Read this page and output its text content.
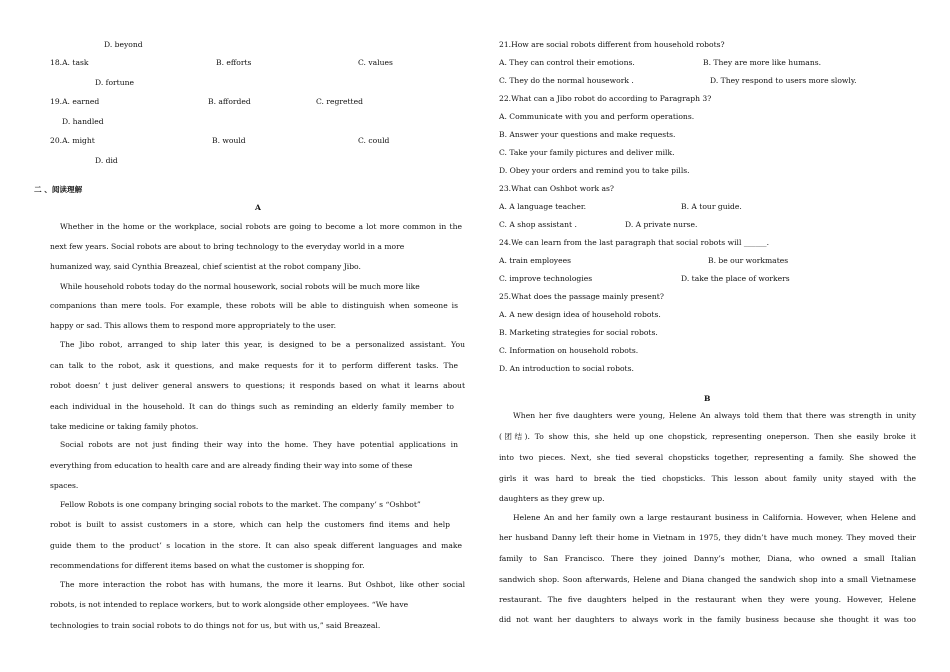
D. beyond
18.A. task	B. efforts	C. values
D. fortune
19.A. earned	B. afforded	C. regretted
D. handled
20.A. might	B. would	C. could
D. did
二 、阅读理解
A
Whether in the home or the workplace, social robots are going to become a lot more common in the
next few years. Social robots are about to bring technology to the everyday world in a more
humanized way, said Cynthia Breazeal, chief scientist at the robot company Jibo.
While household robots today do the normal housework, social robots will be much more like
companions than mere tools. For example, these robots will be able to distinguish when someone is
happy or sad. This allows them to respond more appropriately to the user.
The Jibo robot, arranged to ship later this year, is designed to be a personalized assistant. You
can talk to the robot, ask it questions, and make requests for it to perform different tasks. The
robot doesn’ t just deliver general answers to questions; it responds based on what it learns about
each individual in the household. It can do things such as reminding an elderly family member to
take medicine or taking family photos.
Social robots are not just finding their way into the home. They have potential applications in
everything from education to health care and are already finding their way into some of these
spaces.
Fellow Robots is one company bringing social robots to the market. The company’ s “Oshbot”
robot is built to assist customers in a store, which can help the customers find items and help
guide them to the product’ s location in the store. It can also speak different languages and make
recommendations for different items based on what the customer is shopping for.
The more interaction the robot has with humans, the more it learns. But Oshbot, like other social
robots, is not intended to replace workers, but to work alongside other employees. “We have
technologies to train social robots to do things not for us, but with us,” said Breazeal.
21.How are social robots different from household robots?
A. They can control their emotions.	B. They are more like humans.
C. They do the normal housework .	D. They respond to users more slowly.
22.What can a Jibo robot do according to Paragraph 3?
A. Communicate with you and perform operations.
B. Answer your questions and make requests.
C. Take your family pictures and deliver milk.
D. Obey your orders and remind you to take pills.
23.What can Oshbot work as?
A. A language teacher.	B. A tour guide.
C. A shop assistant .	D. A private nurse.
24.We can learn from the last paragraph that social robots will ______.
A. train employees	B. be our workmates
C. improve technologies	D. take the place of workers
25.What does the passage mainly present?
A. A new design idea of household robots.
B. Marketing strategies for social robots.
C. Information on household robots.
D. An introduction to social robots.
B
When her five daughters were young, Helene An always told them that there was strength in unity
(团结). To show this, she held up one chopstick, representing oneperson. Then she easily broke it
into two pieces. Next, she tied several chopsticks together, representing a family. She showed the
girls it was hard to break the tied chopsticks. This lesson about family unity stayed with the
daughters as they grew up.
Helene An and her family own a large restaurant business in California. However, when Helene and
her husband Danny left their home in Vietnam in 1975, they didn’t have much money. They moved their
family to San Francisco. There they joined Danny’s mother, Diana, who owned a small Italian
sandwich shop. Soon afterwards, Helene and Diana changed the sandwich shop into a small Vietnamese
restaurant. The five daughters helped in the restaurant when they were young. However, Helene
did not want her daughters to always work in the family business because she thought it was too
